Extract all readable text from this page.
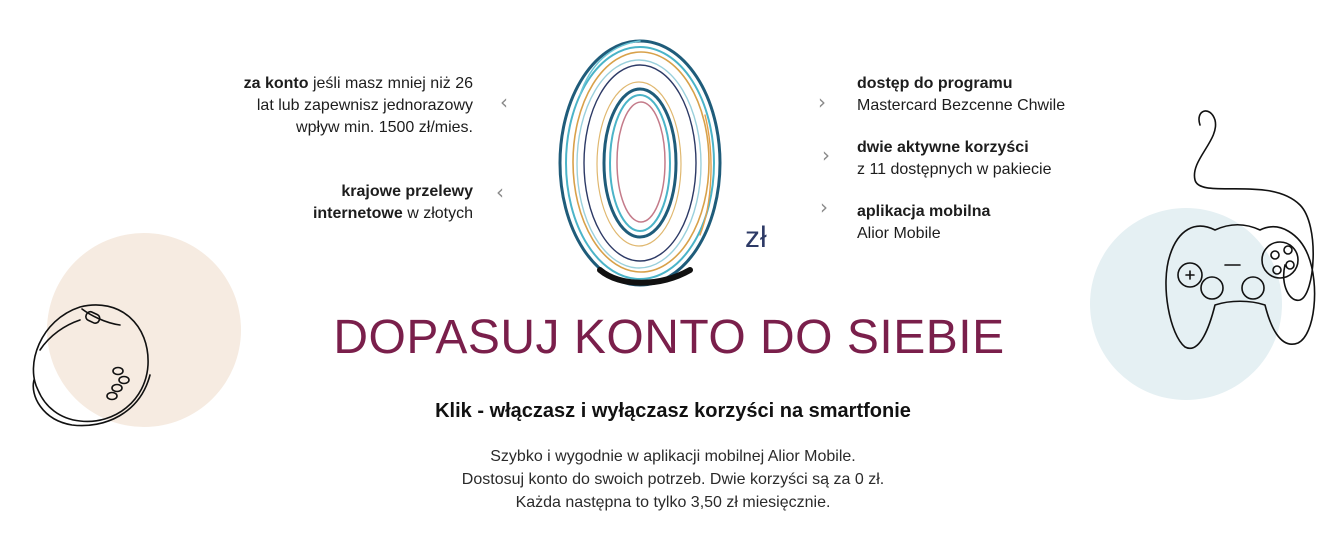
za konto jeśli masz mniej niż 26 lat lub zapewnisz jednorazowy wpływ min. 1500 zł/mies.
krajowe przelewy internetowe w złotych
‹
‹
zł
›
›
›
dostęp do programu
Mastercard Bezcenne Chwile
dwie aktywne korzyści
z 11 dostępnych w pakiecie
aplikacja mobilna
Alior Mobile
DOPASUJ KONTO DO SIEBIE
Klik - włączasz i wyłączasz korzyści na smartfonie
Szybko i wygodnie w aplikacji mobilnej Alior Mobile.
Dostosuj konto do swoich potrzeb. Dwie korzyści są za 0 zł.
Każda następna to tylko 3,50 zł miesięcznie.
